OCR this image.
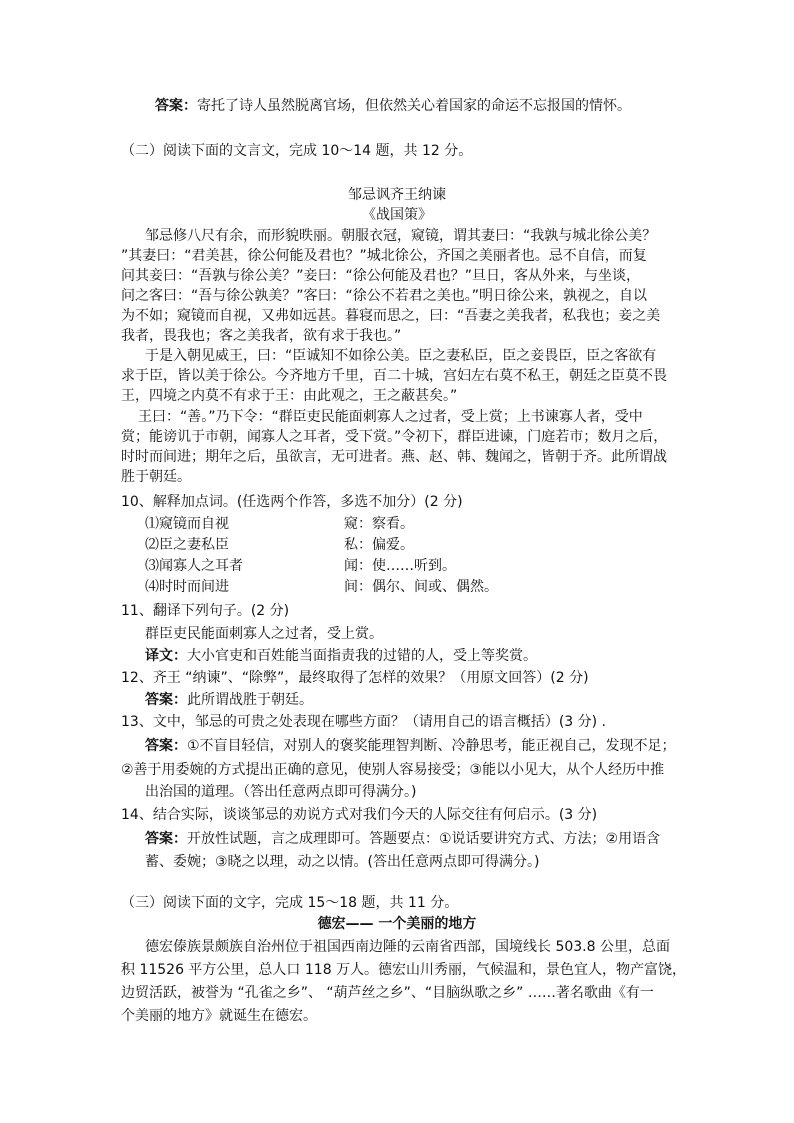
答案：寄托了诗人虽然脱离官场，但依然关心着国家的命运不忘报国的情怀。
（二）阅读下面的文言文，完成 10～14 题，共 12 分。
邹忌讽齐王纳谏
《战国策》
邹忌修八尺有余，而形貌昳丽。朝服衣冠，窥镜，谓其妻曰：“我孰与城北徐公美？
”其妻曰：“君美甚，徐公何能及君也？”城北徐公，齐国之美丽者也。忌不自信，而复
问其妾曰：“吾孰与徐公美？”妾曰：“徐公何能及君也？”旦日，客从外来，与坐谈，
问之客曰：“吾与徐公孰美？”客曰：“徐公不若君之美也。”明日徐公来，孰视之，自以
为不如；窥镜而自视，又弗如远甚。暮寝而思之，曰：“吾妻之美我者，私我也；妾之美
我者，畏我也；客之美我者，欲有求于我也。”
于是入朝见威王，曰：“臣诚知不如徐公美。臣之妻私臣，臣之妾畏臣，臣之客欲有
求于臣，皆以美于徐公。今齐地方千里，百二十城，宫妇左右莫不私王，朝廷之臣莫不畏
王，四境之内莫不有求于王：由此观之，王之蔽甚矣。”
王曰：“善。”乃下令：“群臣吏民能面刺寡人之过者，受上赏；上书谏寡人者，受中
赏；能谤讥于市朝，闻寡人之耳者，受下赏。”令初下，群臣进谏，门庭若市；数月之后，
时时而间进；期年之后，虽欲言，无可进者。燕、赵、韩、魏闻之，皆朝于齐。此所谓战
胜于朝廷。
10、解释加点词。(任选两个作答，多选不加分）(2 分)
⑴窥镜而自视	窥：察看。
⑵臣之妻私臣	私：偏爱。
⑶闻寡人之耳者	闻：使……听到。
⑷时时而间进	间：偶尔、间或、偶然。
11、翻译下列句子。(2 分)
群臣吏民能面刺寡人之过者，受上赏。
译文：大小官吏和百姓能当面指责我的过错的人，受上等奖赏。
12、齐王 “纳谏”、“除弊”，最终取得了怎样的效果？（用原文回答）(2 分)
答案：此所谓战胜于朝廷。
13、文中，邹忌的可贵之处表现在哪些方面？（请用自己的语言概括）(3 分) .
答案：①不盲目轻信，对别人的褒奖能理智判断、冷静思考，能正视自己，发现不足；
②善于用委婉的方式提出正确的意见，使别人容易接受；③能以小见大，从个人经历中推
出治国的道理。（答出任意两点即可得满分。)
14、结合实际，谈谈邹忌的劝说方式对我们今天的人际交往有何启示。(3 分)
答案：开放性试题，言之成理即可。答题要点：①说话要讲究方式、方法；②用语含
蓄、委婉；③晓之以理，动之以情。(答出任意两点即可得满分。)
（三）阅读下面的文字，完成 15～18 题，共 11 分。
德宏—— 一个美丽的地方
德宏傣族景颇族自治州位于祖国西南边陲的云南省西部，国境线长 503.8 公里，总面
积 11526 平方公里，总人口 118 万人。德宏山川秀丽，气候温和，景色宜人，物产富饶，
边贸活跃，被誉为 “孔雀之乡”、 “葫芦丝之乡”、“目脑纵歌之乡” ……著名歌曲《有一
个美丽的地方》就诞生在德宏。
